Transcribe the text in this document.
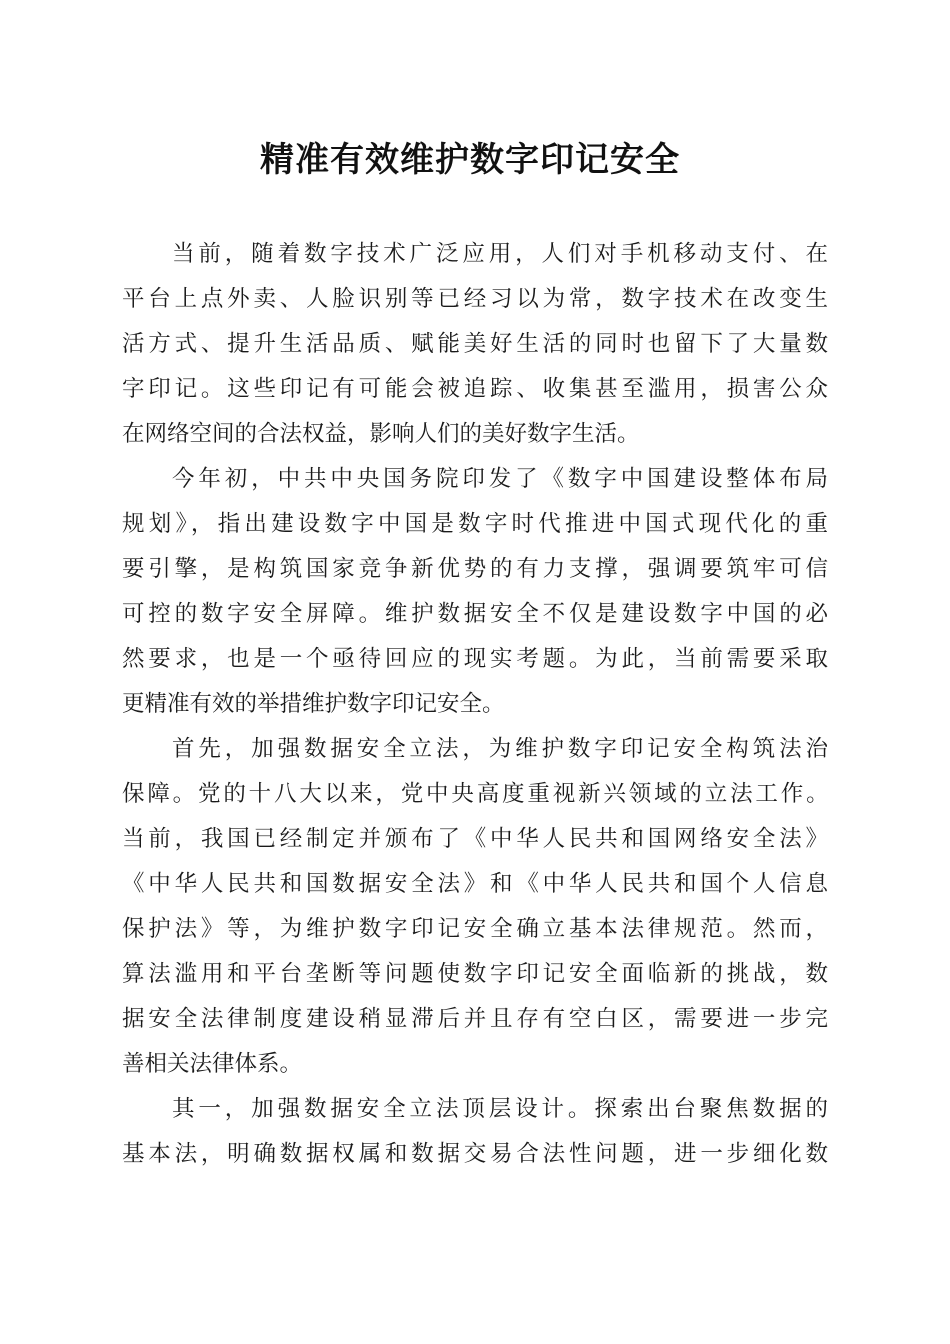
精准有效维护数字印记安全
当前，随着数字技术广泛应用，人们对手机移动支付、在
平台上点外卖、人脸识别等已经习以为常，数字技术在改变生
活方式、提升生活品质、赋能美好生活的同时也留下了大量数
字印记。这些印记有可能会被追踪、收集甚至滥用，损害公众
在网络空间的合法权益，影响人们的美好数字生活。
今年初，中共中央国务院印发了《数字中国建设整体布局
规划》，指出建设数字中国是数字时代推进中国式现代化的重
要引擎，是构筑国家竞争新优势的有力支撑，强调要筑牢可信
可控的数字安全屏障。维护数据安全不仅是建设数字中国的必
然要求，也是一个亟待回应的现实考题。为此，当前需要采取
更精准有效的举措维护数字印记安全。
首先，加强数据安全立法，为维护数字印记安全构筑法治
保障。党的十八大以来，党中央高度重视新兴领域的立法工作。
当前，我国已经制定并颁布了《中华人民共和国网络安全法》
《中华人民共和国数据安全法》和《中华人民共和国个人信息
保护法》等，为维护数字印记安全确立基本法律规范。然而，
算法滥用和平台垄断等问题使数字印记安全面临新的挑战，数
据安全法律制度建设稍显滞后并且存有空白区，需要进一步完
善相关法律体系。
其一，加强数据安全立法顶层设计。探索出台聚焦数据的
基本法，明确数据权属和数据交易合法性问题，进一步细化数
